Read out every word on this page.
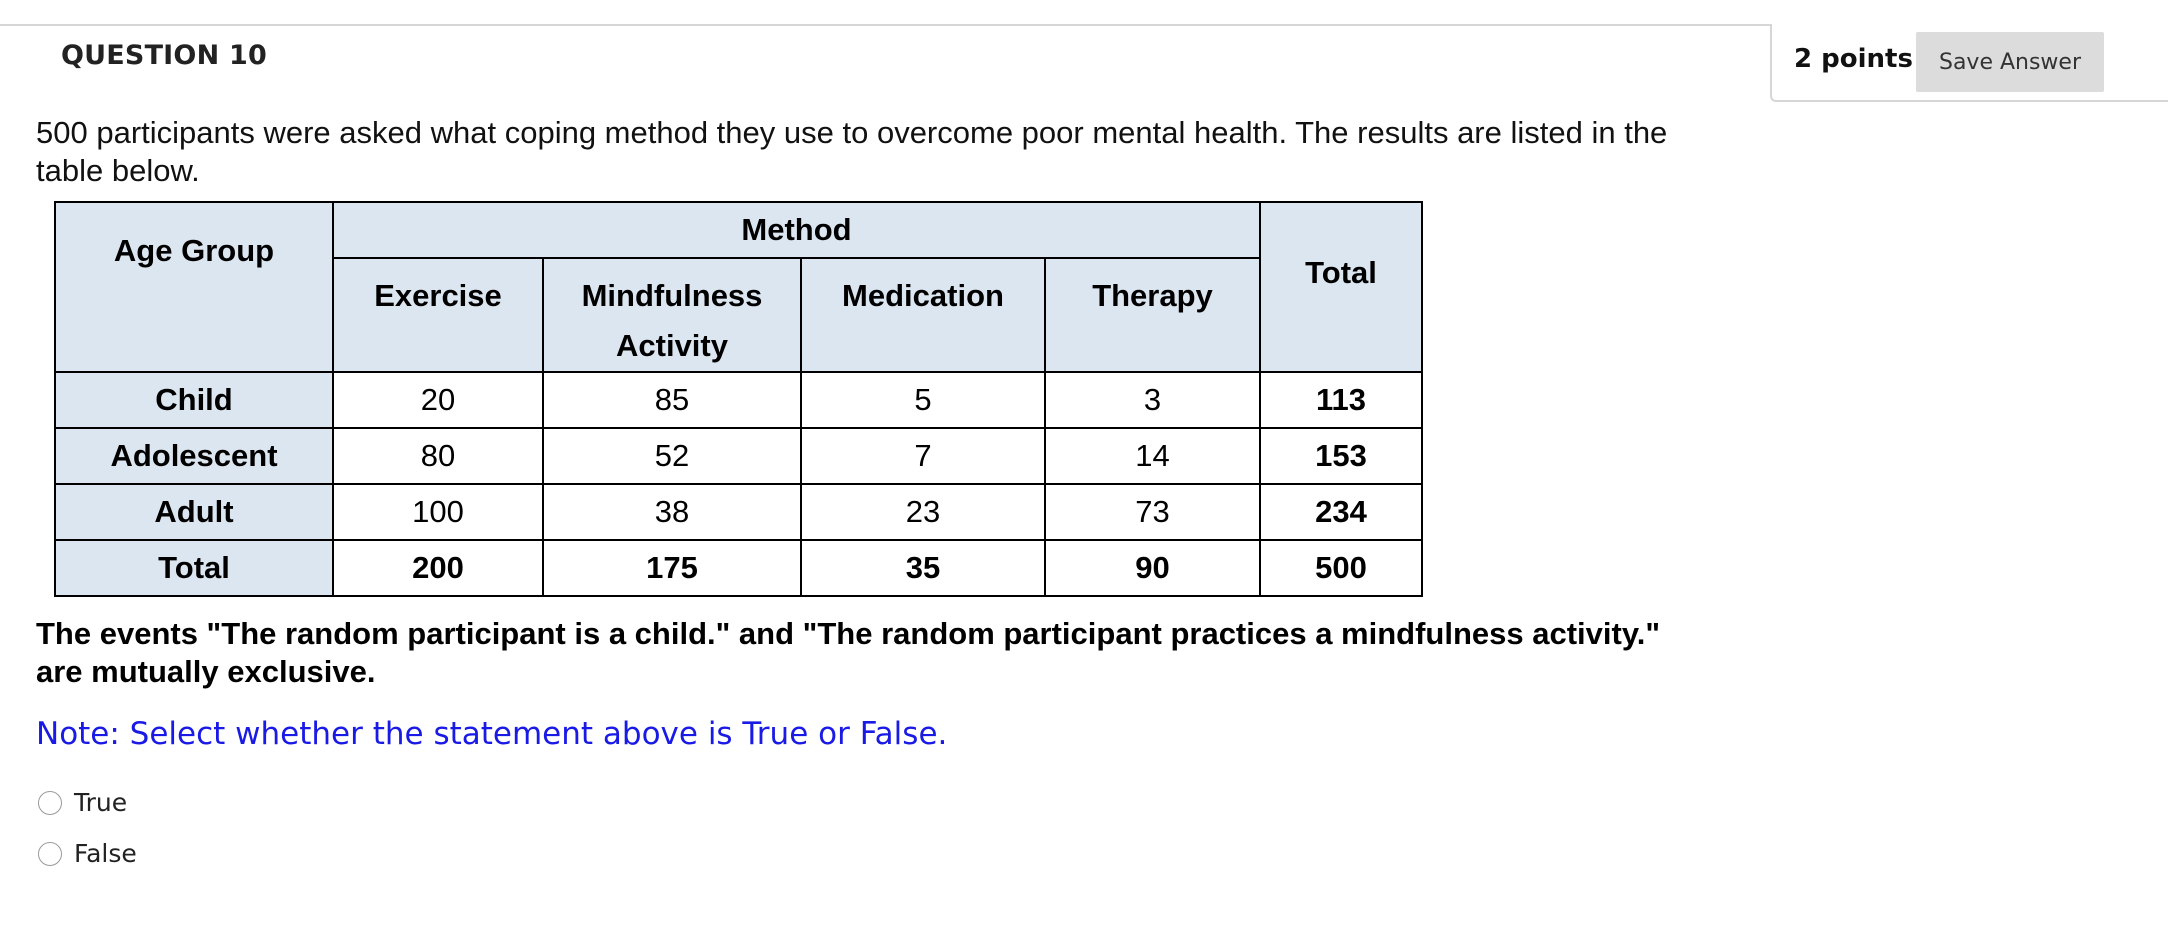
QUESTION 10	2 points	Save Answer
500 participants were asked what coping method they use to overcome poor mental health. The results are listed in the table below.
Age Group	Method				Total
	Exercise	Mindfulness Activity	Medication	Therapy	
Child	20	85	5	3	113
Adolescent	80	52	7	14	153
Adult	100	38	23	73	234
Total	200	175	35	90	500
The events "The random participant is a child." and "The random participant practices a mindfulness activity." are mutually exclusive.
Note: Select whether the statement above is True or False.
True
False
